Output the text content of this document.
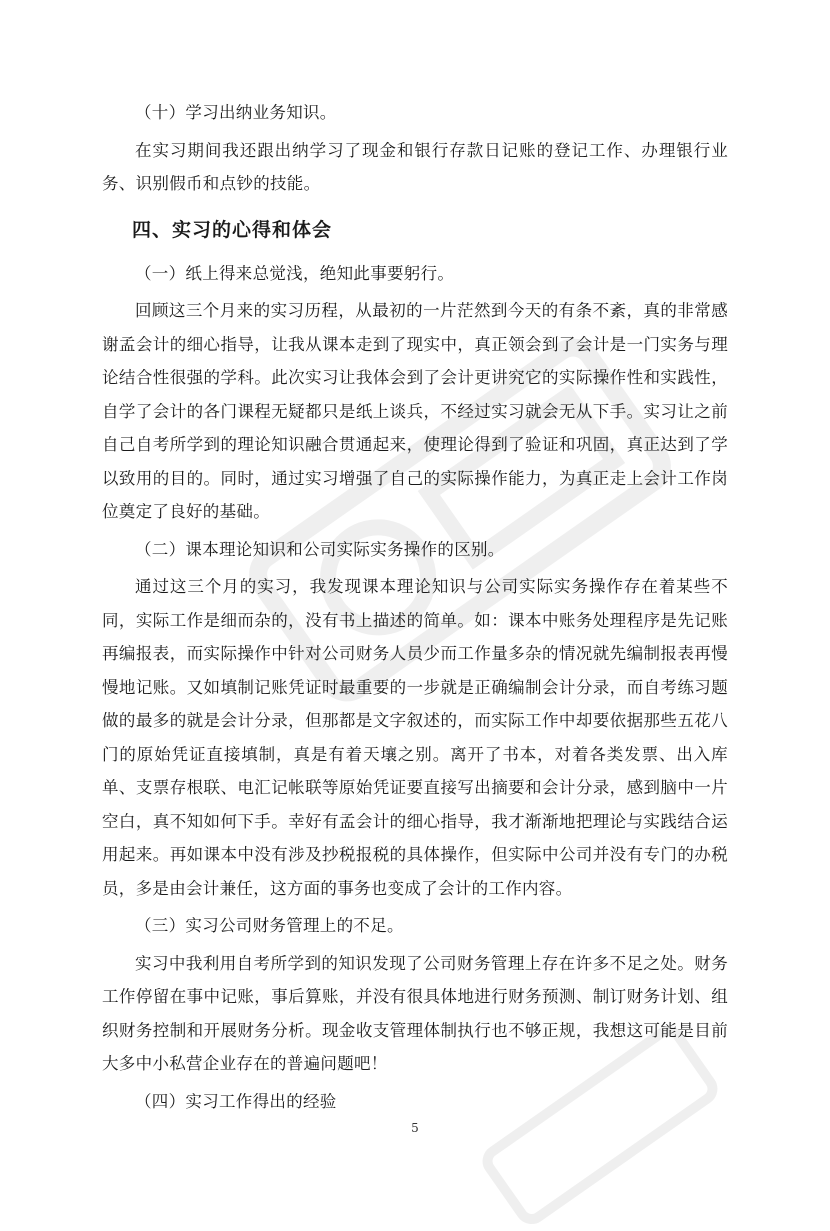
（十）学习出纳业务知识。

在实习期间我还跟出纳学习了现金和银行存款日记账的登记工作、办理银行业务、识别假币和点钞的技能。

四、实习的心得和体会

（一）纸上得来总觉浅，绝知此事要躬行。

回顾这三个月来的实习历程，从最初的一片茫然到今天的有条不紊，真的非常感谢孟会计的细心指导，让我从课本走到了现实中，真正领会到了会计是一门实务与理论结合性很强的学科。此次实习让我体会到了会计更讲究它的实际操作性和实践性，自学了会计的各门课程无疑都只是纸上谈兵，不经过实习就会无从下手。实习让之前自己自考所学到的理论知识融合贯通起来，使理论得到了验证和巩固，真正达到了学以致用的目的。同时，通过实习增强了自己的实际操作能力，为真正走上会计工作岗位奠定了良好的基础。

（二）课本理论知识和公司实际实务操作的区别。

通过这三个月的实习，我发现课本理论知识与公司实际实务操作存在着某些不同，实际工作是细而杂的，没有书上描述的简单。如：课本中账务处理程序是先记账再编报表，而实际操作中针对公司财务人员少而工作量多杂的情况就先编制报表再慢慢地记账。又如填制记账凭证时最重要的一步就是正确编制会计分录，而自考练习题做的最多的就是会计分录，但那都是文字叙述的，而实际工作中却要依据那些五花八门的原始凭证直接填制，真是有着天壤之别。离开了书本，对着各类发票、出入库单、支票存根联、电汇记帐联等原始凭证要直接写出摘要和会计分录，感到脑中一片空白，真不知如何下手。幸好有孟会计的细心指导，我才渐渐地把理论与实践结合运用起来。再如课本中没有涉及抄税报税的具体操作，但实际中公司并没有专门的办税员，多是由会计兼任，这方面的事务也变成了会计的工作内容。

（三）实习公司财务管理上的不足。

实习中我利用自考所学到的知识发现了公司财务管理上存在许多不足之处。财务工作停留在事中记账，事后算账，并没有很具体地进行财务预测、制订财务计划、组织财务控制和开展财务分析。现金收支管理体制执行也不够正规，我想这可能是目前大多中小私营企业存在的普遍问题吧！

（四）实习工作得出的经验

5
